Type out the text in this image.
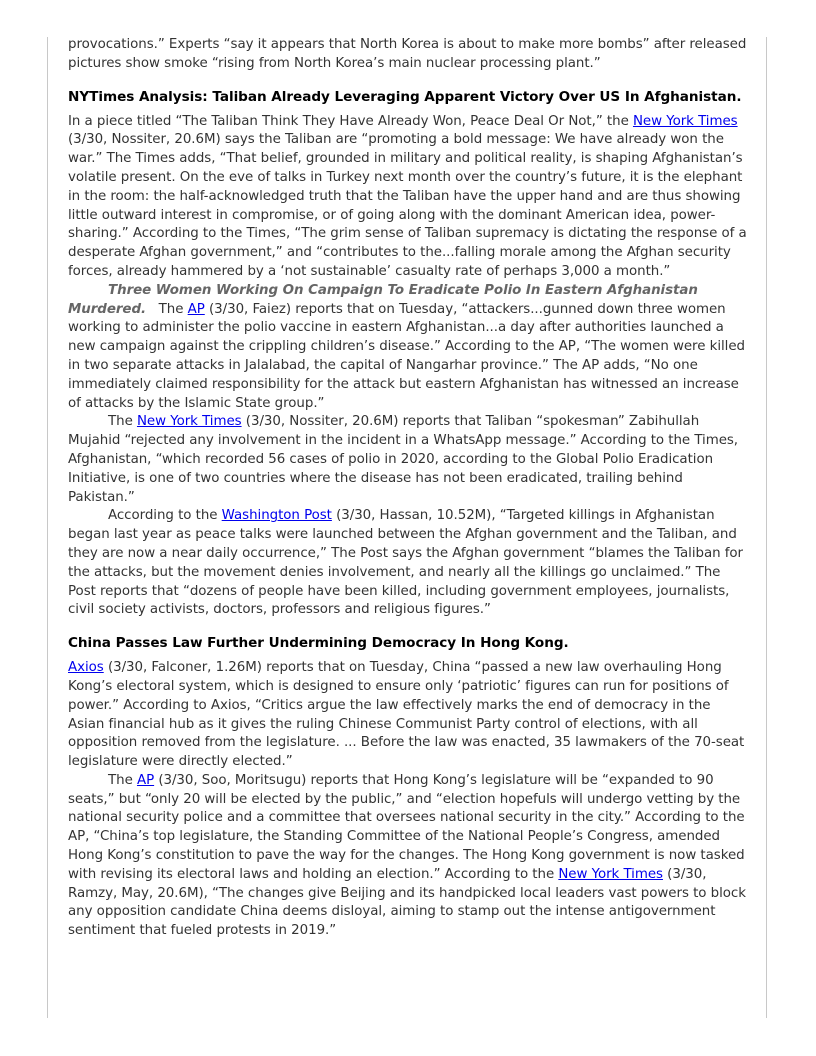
provocations.” Experts “say it appears that North Korea is about to make more bombs” after released pictures show smoke “rising from North Korea’s main nuclear processing plant.”

NYTimes Analysis: Taliban Already Leveraging Apparent Victory Over US In Afghanistan.

In a piece titled “The Taliban Think They Have Already Won, Peace Deal Or Not,” the New York Times (3/30, Nossiter, 20.6M) says the Taliban are “promoting a bold message: We have already won the war.” The Times adds, “That belief, grounded in military and political reality, is shaping Afghanistan’s volatile present. On the eve of talks in Turkey next month over the country’s future, it is the elephant in the room: the half-acknowledged truth that the Taliban have the upper hand and are thus showing little outward interest in compromise, or of going along with the dominant American idea, power-sharing.” According to the Times, “The grim sense of Taliban supremacy is dictating the response of a desperate Afghan government,” and “contributes to the...falling morale among the Afghan security forces, already hammered by a ‘not sustainable’ casualty rate of perhaps 3,000 a month.”

Three Women Working On Campaign To Eradicate Polio In Eastern Afghanistan Murdered. The AP (3/30, Faiez) reports that on Tuesday, “attackers...gunned down three women working to administer the polio vaccine in eastern Afghanistan...a day after authorities launched a new campaign against the crippling children’s disease.” According to the AP, “The women were killed in two separate attacks in Jalalabad, the capital of Nangarhar province.” The AP adds, “No one immediately claimed responsibility for the attack but eastern Afghanistan has witnessed an increase of attacks by the Islamic State group.”

The New York Times (3/30, Nossiter, 20.6M) reports that Taliban “spokesman” Zabihullah Mujahid “rejected any involvement in the incident in a WhatsApp message.” According to the Times, Afghanistan, “which recorded 56 cases of polio in 2020, according to the Global Polio Eradication Initiative, is one of two countries where the disease has not been eradicated, trailing behind Pakistan.”

According to the Washington Post (3/30, Hassan, 10.52M), “Targeted killings in Afghanistan began last year as peace talks were launched between the Afghan government and the Taliban, and they are now a near daily occurrence,” The Post says the Afghan government “blames the Taliban for the attacks, but the movement denies involvement, and nearly all the killings go unclaimed.” The Post reports that “dozens of people have been killed, including government employees, journalists, civil society activists, doctors, professors and religious figures.”

China Passes Law Further Undermining Democracy In Hong Kong.

Axios (3/30, Falconer, 1.26M) reports that on Tuesday, China “passed a new law overhauling Hong Kong’s electoral system, which is designed to ensure only ‘patriotic’ figures can run for positions of power.” According to Axios, “Critics argue the law effectively marks the end of democracy in the Asian financial hub as it gives the ruling Chinese Communist Party control of elections, with all opposition removed from the legislature. ... Before the law was enacted, 35 lawmakers of the 70-seat legislature were directly elected.”

The AP (3/30, Soo, Moritsugu) reports that Hong Kong’s legislature will be “expanded to 90 seats,” but “only 20 will be elected by the public,” and “election hopefuls will undergo vetting by the national security police and a committee that oversees national security in the city.” According to the AP, “China’s top legislature, the Standing Committee of the National People’s Congress, amended Hong Kong’s constitution to pave the way for the changes. The Hong Kong government is now tasked with revising its electoral laws and holding an election.” According to the New York Times (3/30, Ramzy, May, 20.6M), “The changes give Beijing and its handpicked local leaders vast powers to block any opposition candidate China deems disloyal, aiming to stamp out the intense antigovernment sentiment that fueled protests in 2019.”
